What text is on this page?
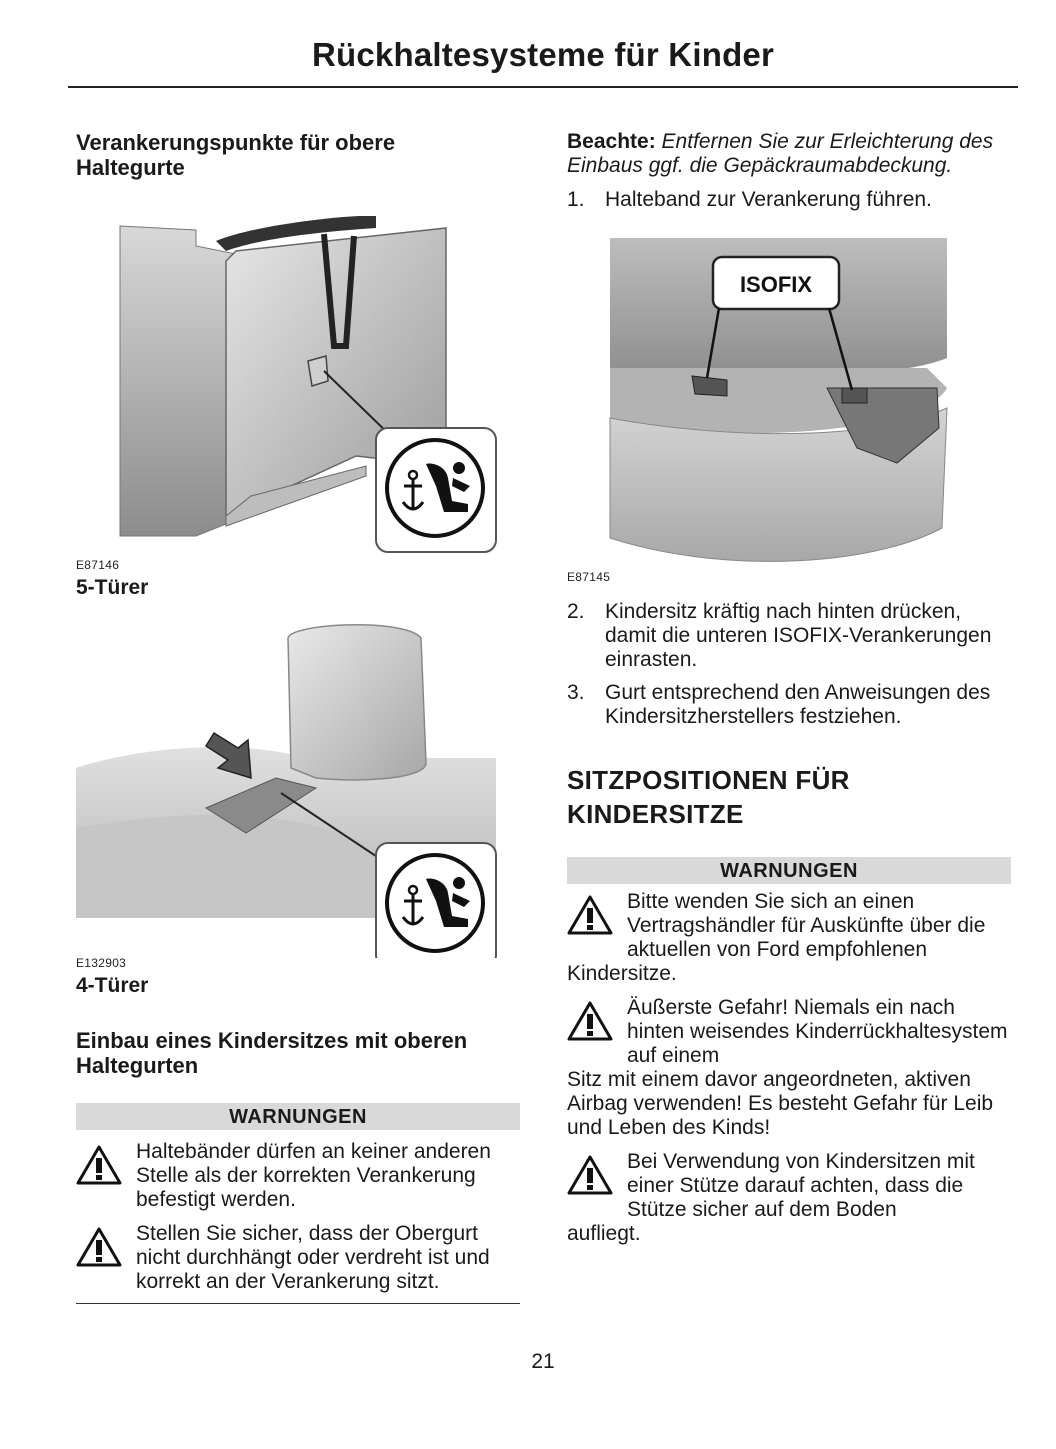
Rückhaltesysteme für Kinder
Verankerungspunkte für obere Haltegurte
E87146
5-Türer
E132903
4-Türer
Einbau eines Kindersitzes mit oberen Haltegurten
WARNUNGEN

Haltebänder dürfen an keiner anderen Stelle als der korrekten Verankerung befestigt werden.

Stellen Sie sicher, dass der Obergurt nicht durchhängt oder verdreht ist und korrekt an der Verankerung sitzt.

Beachte: Entfernen Sie zur Erleichterung des Einbaus ggf. die Gepäckraumabdeckung.

1. Halteband zur Verankerung führen.
ISOFIX
E87145
2. Kindersitz kräftig nach hinten drücken, damit die unteren ISOFIX-Verankerungen einrasten.
3. Gurt entsprechend den Anweisungen des Kindersitzherstellers festziehen.
SITZPOSITIONEN FÜR KINDERSITZE
WARNUNGEN

Bitte wenden Sie sich an einen Vertragshändler für Auskünfte über die aktuellen von Ford empfohlenen
Kindersitze.

Äußerste Gefahr! Niemals ein nach hinten weisendes Kinderrückhaltesystem auf einem
Sitz mit einem davor angeordneten, aktiven Airbag verwenden! Es besteht Gefahr für Leib und Leben des Kinds!

Bei Verwendung von Kindersitzen mit einer Stütze darauf achten, dass die Stütze sicher auf dem Boden
aufliegt.

21
